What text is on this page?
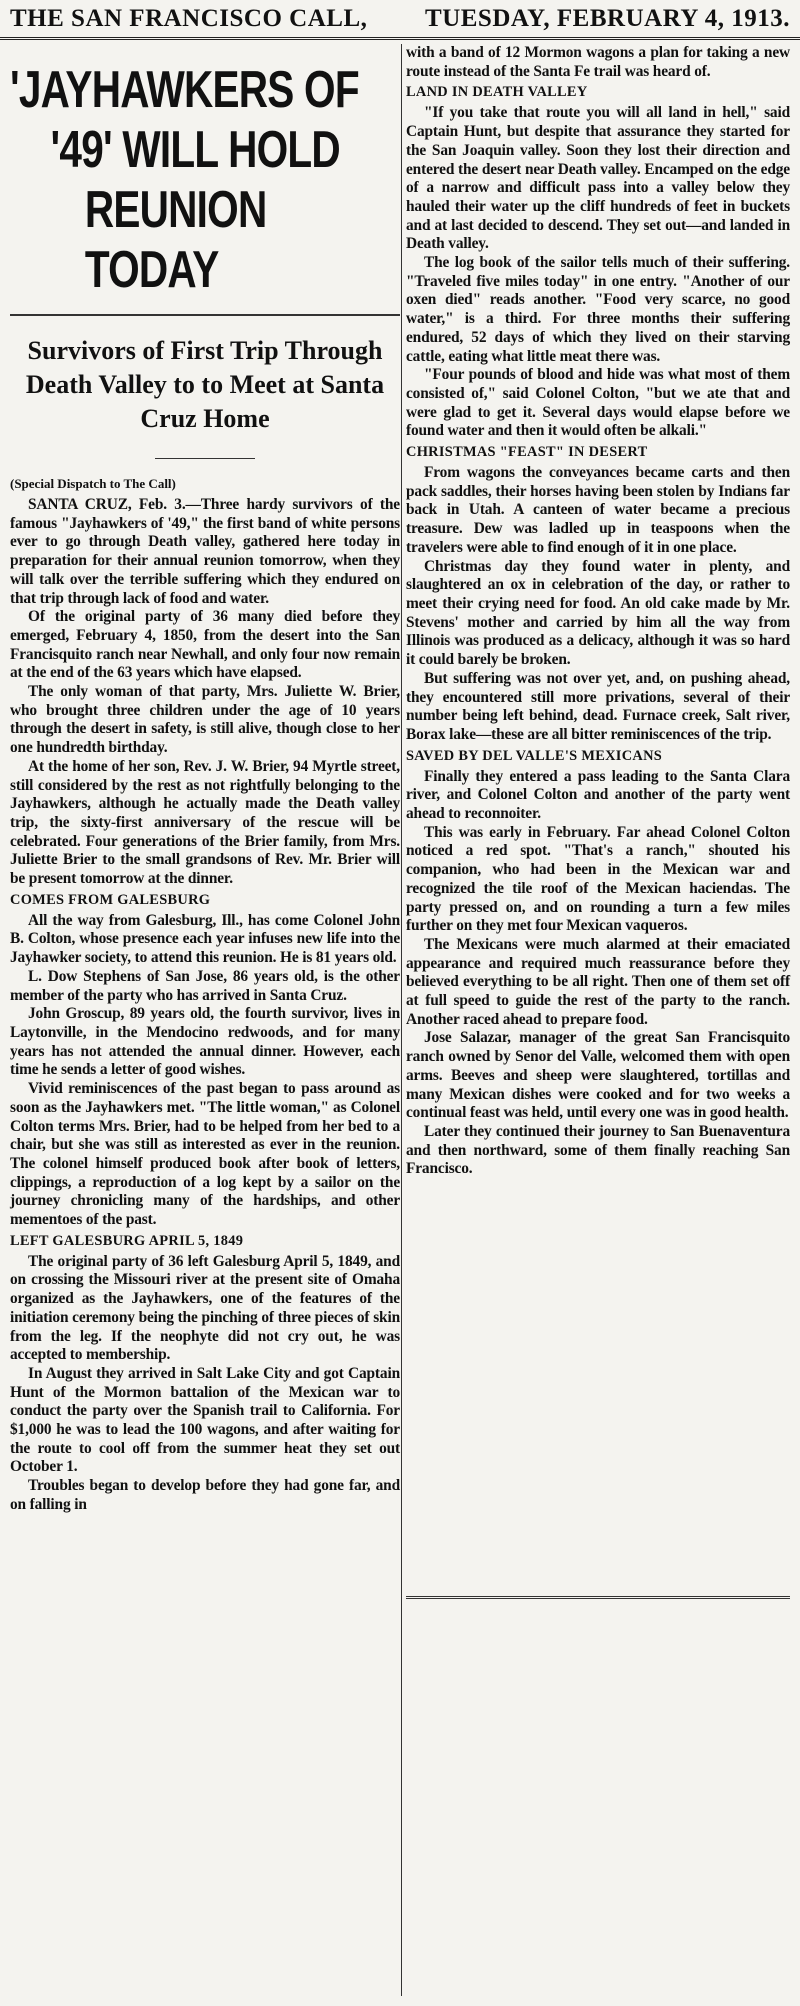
THE SAN FRANCISCO CALL, TUESDAY, FEBRUARY 4, 1913.
'JAYHAWKERS OF
'49' WILL HOLD
REUNION TODAY
Survivors of First Trip Through Death Valley to to Meet at Santa Cruz Home
(Special Dispatch to The Call)

SANTA CRUZ, Feb. 3.—Three hardy survivors of the famous "Jayhawkers of '49," the first band of white persons ever to go through Death valley, gathered here today in preparation for their annual reunion tomorrow, when they will talk over the terrible suffering which they endured on that trip through lack of food and water.

Of the original party of 36 many died before they emerged, February 4, 1850, from the desert into the San Francisquito ranch near Newhall, and only four now remain at the end of the 63 years which have elapsed.

The only woman of that party, Mrs. Juliette W. Brier, who brought three children under the age of 10 years through the desert in safety, is still alive, though close to her one hundredth birthday.

At the home of her son, Rev. J. W. Brier, 94 Myrtle street, still considered by the rest as not rightfully belonging to the Jayhawkers, although he actually made the Death valley trip, the sixty-first anniversary of the rescue will be celebrated. Four generations of the Brier family, from Mrs. Juliette Brier to the small grandsons of Rev. Mr. Brier will be present tomorrow at the dinner.

COMES FROM GALESBURG

All the way from Galesburg, Ill., has come Colonel John B. Colton, whose presence each year infuses new life into the Jayhawker society, to attend this reunion. He is 81 years old.

L. Dow Stephens of San Jose, 86 years old, is the other member of the party who has arrived in Santa Cruz.

John Groscup, 89 years old, the fourth survivor, lives in Laytonville, in the Mendocino redwoods, and for many years has not attended the annual dinner. However, each time he sends a letter of good wishes.

Vivid reminiscences of the past began to pass around as soon as the Jayhawkers met. "The little woman," as Colonel Colton terms Mrs. Brier, had to be helped from her bed to a chair, but she was still as interested as ever in the reunion. The colonel himself produced book after book of letters, clippings, a reproduction of a log kept by a sailor on the journey chronicling many of the hardships, and other mementoes of the past.

LEFT GALESBURG APRIL 5, 1849

The original party of 36 left Galesburg April 5, 1849, and on crossing the Missouri river at the present site of Omaha organized as the Jayhawkers, one of the features of the initiation ceremony being the pinching of three pieces of skin from the leg. If the neophyte did not cry out, he was accepted to membership.

In August they arrived in Salt Lake City and got Captain Hunt of the Mormon battalion of the Mexican war to conduct the party over the Spanish trail to California. For $1,000 he was to lead the 100 wagons, and after waiting for the route to cool off from the summer heat they set out October 1.

Troubles began to develop before they had gone far, and on falling in

with a band of 12 Mormon wagons a plan for taking a new route instead of the Santa Fe trail was heard of.

LAND IN DEATH VALLEY

"If you take that route you will all land in hell," said Captain Hunt, but despite that assurance they started for the San Joaquin valley. Soon they lost their direction and entered the desert near Death valley. Encamped on the edge of a narrow and difficult pass into a valley below they hauled their water up the cliff hundreds of feet in buckets and at last decided to descend. They set out—and landed in Death valley.

The log book of the sailor tells much of their suffering. "Traveled five miles today" in one entry. "Another of our oxen died" reads another. "Food very scarce, no good water," is a third. For three months their suffering endured, 52 days of which they lived on their starving cattle, eating what little meat there was.

"Four pounds of blood and hide was what most of them consisted of," said Colonel Colton, "but we ate that and were glad to get it. Several days would elapse before we found water and then it would often be alkali."

CHRISTMAS "FEAST" IN DESERT

From wagons the conveyances became carts and then pack saddles, their horses having been stolen by Indians far back in Utah. A canteen of water became a precious treasure. Dew was ladled up in teaspoons when the travelers were able to find enough of it in one place.

Christmas day they found water in plenty, and slaughtered an ox in celebration of the day, or rather to meet their crying need for food. An old cake made by Mr. Stevens' mother and carried by him all the way from Illinois was produced as a delicacy, although it was so hard it could barely be broken.

But suffering was not over yet, and, on pushing ahead, they encountered still more privations, several of their number being left behind, dead. Furnace creek, Salt river, Borax lake—these are all bitter reminiscences of the trip.

SAVED BY DEL VALLE'S MEXICANS

Finally they entered a pass leading to the Santa Clara river, and Colonel Colton and another of the party went ahead to reconnoiter.

This was early in February. Far ahead Colonel Colton noticed a red spot. "That's a ranch," shouted his companion, who had been in the Mexican war and recognized the tile roof of the Mexican haciendas. The party pressed on, and on rounding a turn a few miles further on they met four Mexican vaqueros.

The Mexicans were much alarmed at their emaciated appearance and required much reassurance before they believed everything to be all right. Then one of them set off at full speed to guide the rest of the party to the ranch. Another raced ahead to prepare food.

Jose Salazar, manager of the great San Francisquito ranch owned by Senor del Valle, welcomed them with open arms. Beeves and sheep were slaughtered, tortillas and many Mexican dishes were cooked and for two weeks a continual feast was held, until every one was in good health.

Later they continued their journey to San Buenaventura and then northward, some of them finally reaching San Francisco.
